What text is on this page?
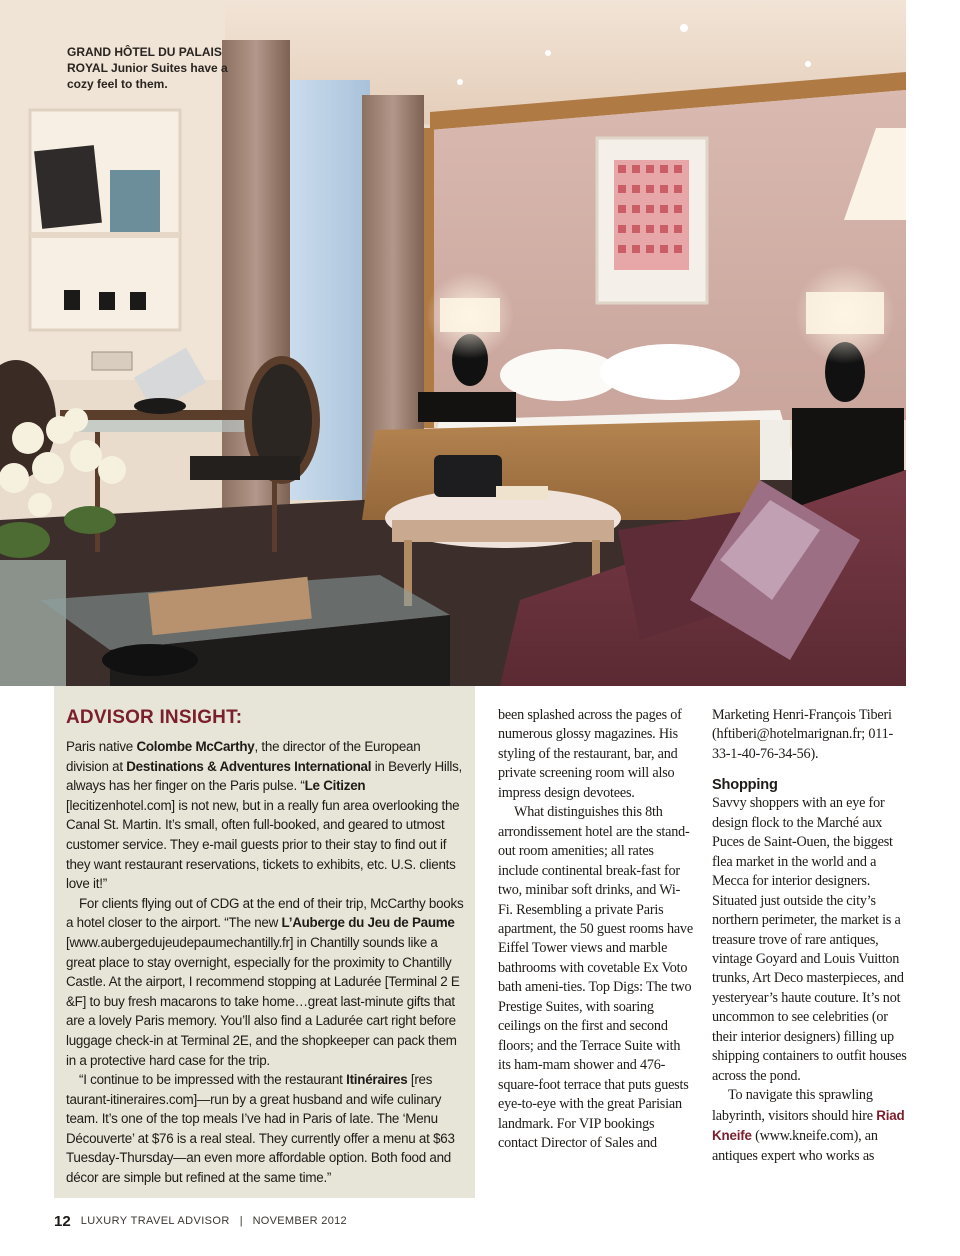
GRAND HÔTEL DU PALAIS ROYAL Junior Suites have a cozy feel to them.
ADVISOR INSIGHT:

Paris native Colombe McCarthy, the director of the European division at Destinations & Adventures International in Beverly Hills, always has her finger on the Paris pulse. “Le Citizen [lecitizenhotel.com] is not new, but in a really fun area overlooking the Canal St. Martin. It’s small, often full-booked, and geared to utmost customer service. They e-mail guests prior to their stay to find out if they want restaurant reservations, tickets to exhibits, etc. U.S. clients love it!”

For clients flying out of CDG at the end of their trip, McCarthy books a hotel closer to the airport. “The new L’Auberge du Jeu de Paume [www.aubergedujeudepaumechantilly.fr] in Chantilly sounds like a great place to stay overnight, especially for the proximity to Chantilly Castle. At the airport, I recommend stopping at Ladurée [Terminal 2 E &F] to buy fresh macarons to take home…great last-minute gifts that are a lovely Paris memory. You’ll also find a Ladurée cart right before luggage check-in at Terminal 2E, and the shopkeeper can pack them in a protective hard case for the trip.

“I continue to be impressed with the restaurant Itinéraires [res taurant-itineraires.com]—run by a great husband and wife culinary team. It’s one of the top meals I’ve had in Paris of late. The ‘Menu Découverte’ at $76 is a real steal. They currently offer a menu at $63 Tuesday-Thursday—an even more affordable option. Both food and décor are simple but refined at the same time.”

been splashed across the pages of numerous glossy magazines. His styling of the restaurant, bar, and private screening room will also impress design devotees.

What distinguishes this 8th arrondissement hotel are the stand-out room amenities; all rates include continental break-fast for two, minibar soft drinks, and Wi-Fi. Resembling a private Paris apartment, the 50 guest rooms have Eiffel Tower views and marble bathrooms with covetable Ex Voto bath ameni-ties. Top Digs: The two Prestige Suites, with soaring ceilings on the first and second floors; and the Terrace Suite with its ham-mam shower and 476-square-foot terrace that puts guests eye-to-eye with the great Parisian landmark. For VIP bookings contact Director of Sales and

Marketing Henri-François Tiberi (hftiberi@hotelmarignan.fr; 011-33-1-40-76-34-56).

Shopping

Savvy shoppers with an eye for design flock to the Marché aux Puces de Saint-Ouen, the biggest flea market in the world and a Mecca for interior designers. Situated just outside the city’s northern perimeter, the market is a treasure trove of rare antiques, vintage Goyard and Louis Vuitton trunks, Art Deco masterpieces, and yesteryear’s haute couture. It’s not uncommon to see celebrities (or their interior designers) filling up shipping containers to outfit houses across the pond.

To navigate this sprawling labyrinth, visitors should hire Riad Kneife (www.kneife.com), an antiques expert who works as

12 LUXURY TRAVEL ADVISOR | NOVEMBER 2012
